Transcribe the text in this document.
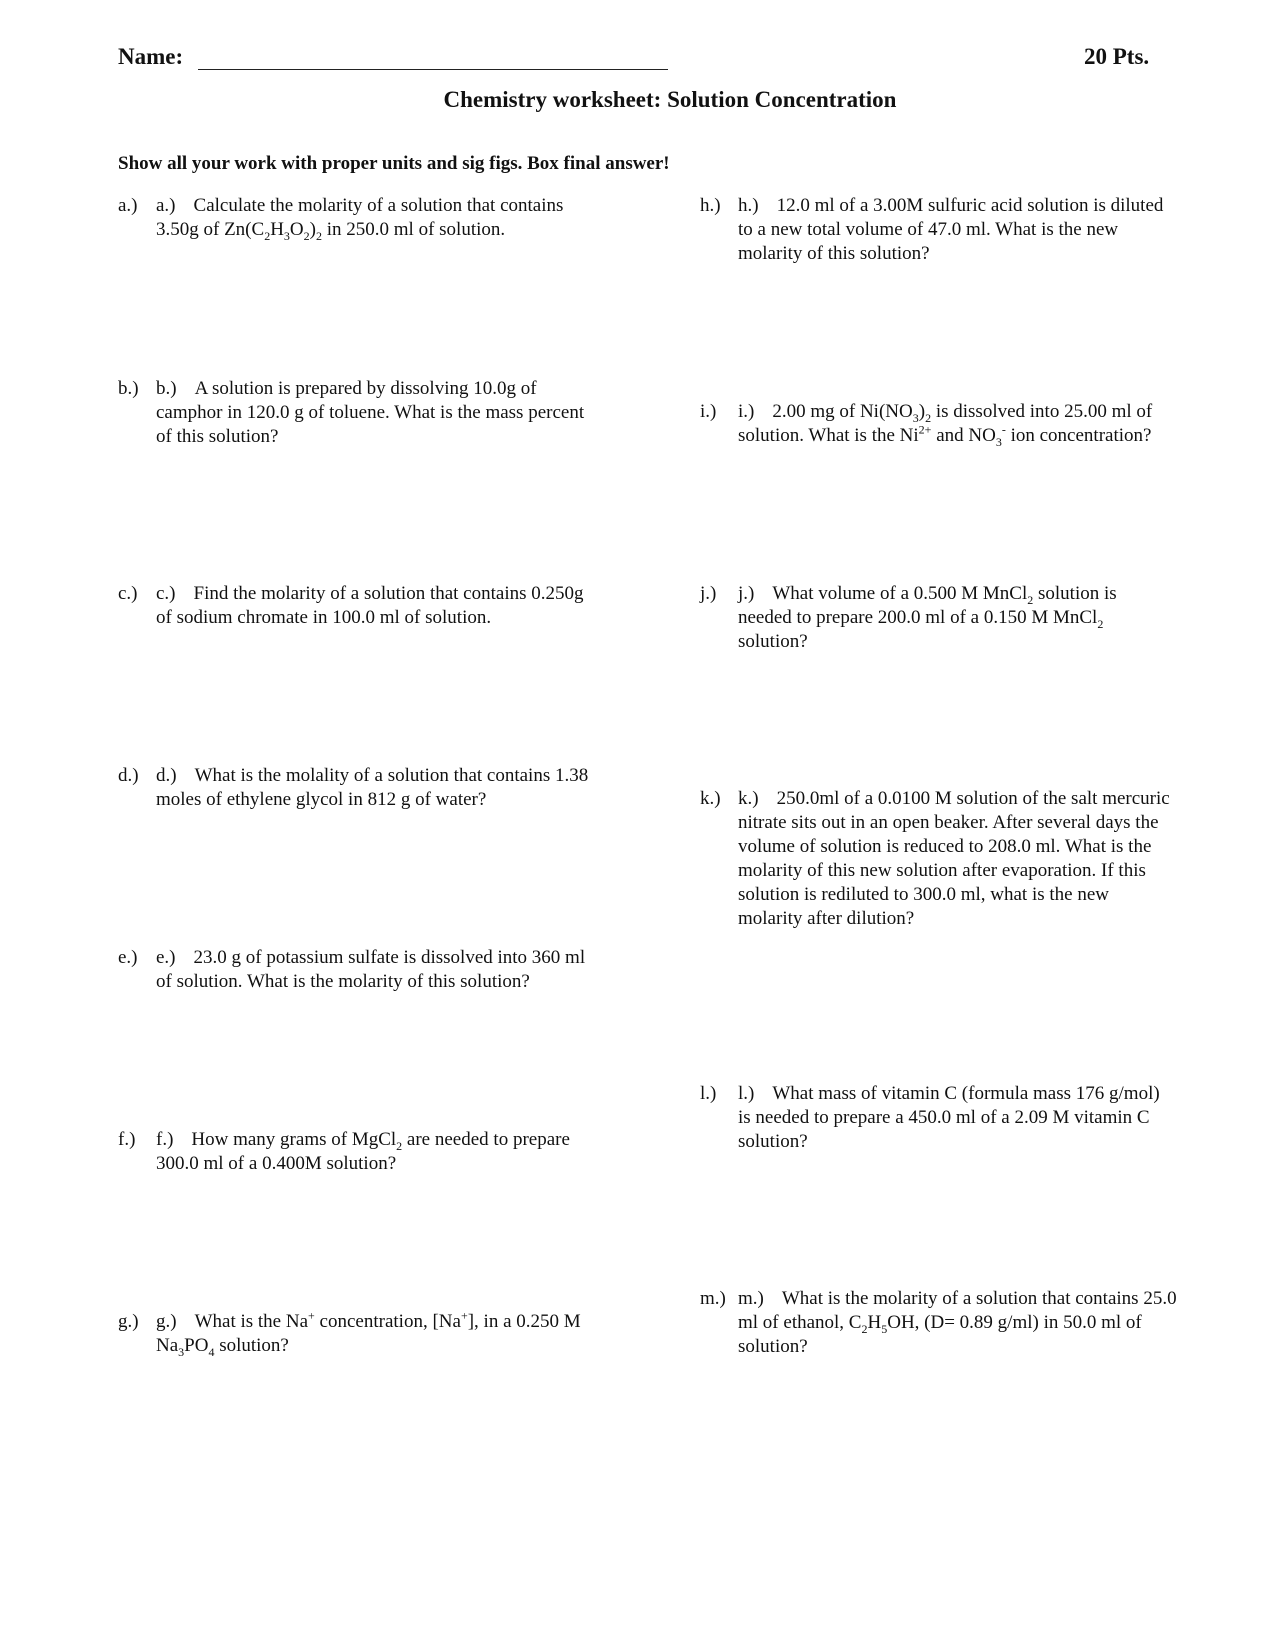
Name:	20 Pts.
Chemistry worksheet: Solution Concentration
Show all your work with proper units and sig figs. Box final answer!
a.) a.) Calculate the molarity of a solution that contains
3.50g of $Zn(C_2H_3O_2)_2$ in 250.0 ml of solution.
b.) b.) A solution is prepared by dissolving 10.0g of
camphor in 120.0 g of toluene. What is the mass percent
of this solution?
c.) c.) Find the molarity of a solution that contains 0.250g
of sodium chromate in 100.0 ml of solution.
d.) d.) What is the molality of a solution that contains 1.38
moles of ethylene glycol in 812 g of water?
e.) e.) 23.0 g of potassium sulfate is dissolved into 360 ml
of solution. What is the molarity of this solution?
f.) f.) How many grams of MgCl$_2$ are needed to prepare
300.0 ml of a 0.400M solution?
g.) g.) What is the Na+ concentration, [Na+], in a 0.250 M
$Na_3PO_4$ solution?
h.) h.) 12.0 ml of a 3.00M sulfuric acid solution is diluted
to a new total volume of 47.0 ml. What is the new
molarity of this solution?
i.) i.) 2.00 mg of $Ni(NO_3)_2$ is dissolved into 25.00 ml of
solution. What is the $Ni^{2+}$ and $NO_3^-$ ion concentration?
j.) j.) What volume of a 0.500 M MnCl$_2$ solution is
needed to prepare 200.0 ml of a 0.150 M MnCl$_2$
solution?
k.) k.) 250.0ml of a 0.0100 M solution of the salt mercuric
nitrate sits out in an open beaker. After several days the
volume of solution is reduced to 208.0 ml. What is the
molarity of this new solution after evaporation. If this
solution is rediluted to 300.0 ml, what is the new
molarity after dilution?
l.) l.) What mass of vitamin C (formula mass 176 g/mol)
is needed to prepare a 450.0 ml of a 2.09 M vitamin C
solution?
m.) m.) What is the molarity of a solution that contains 25.0
ml of ethanol, $C_2H_5OH$, (D= 0.89 g/ml) in 50.0 ml of
solution?
